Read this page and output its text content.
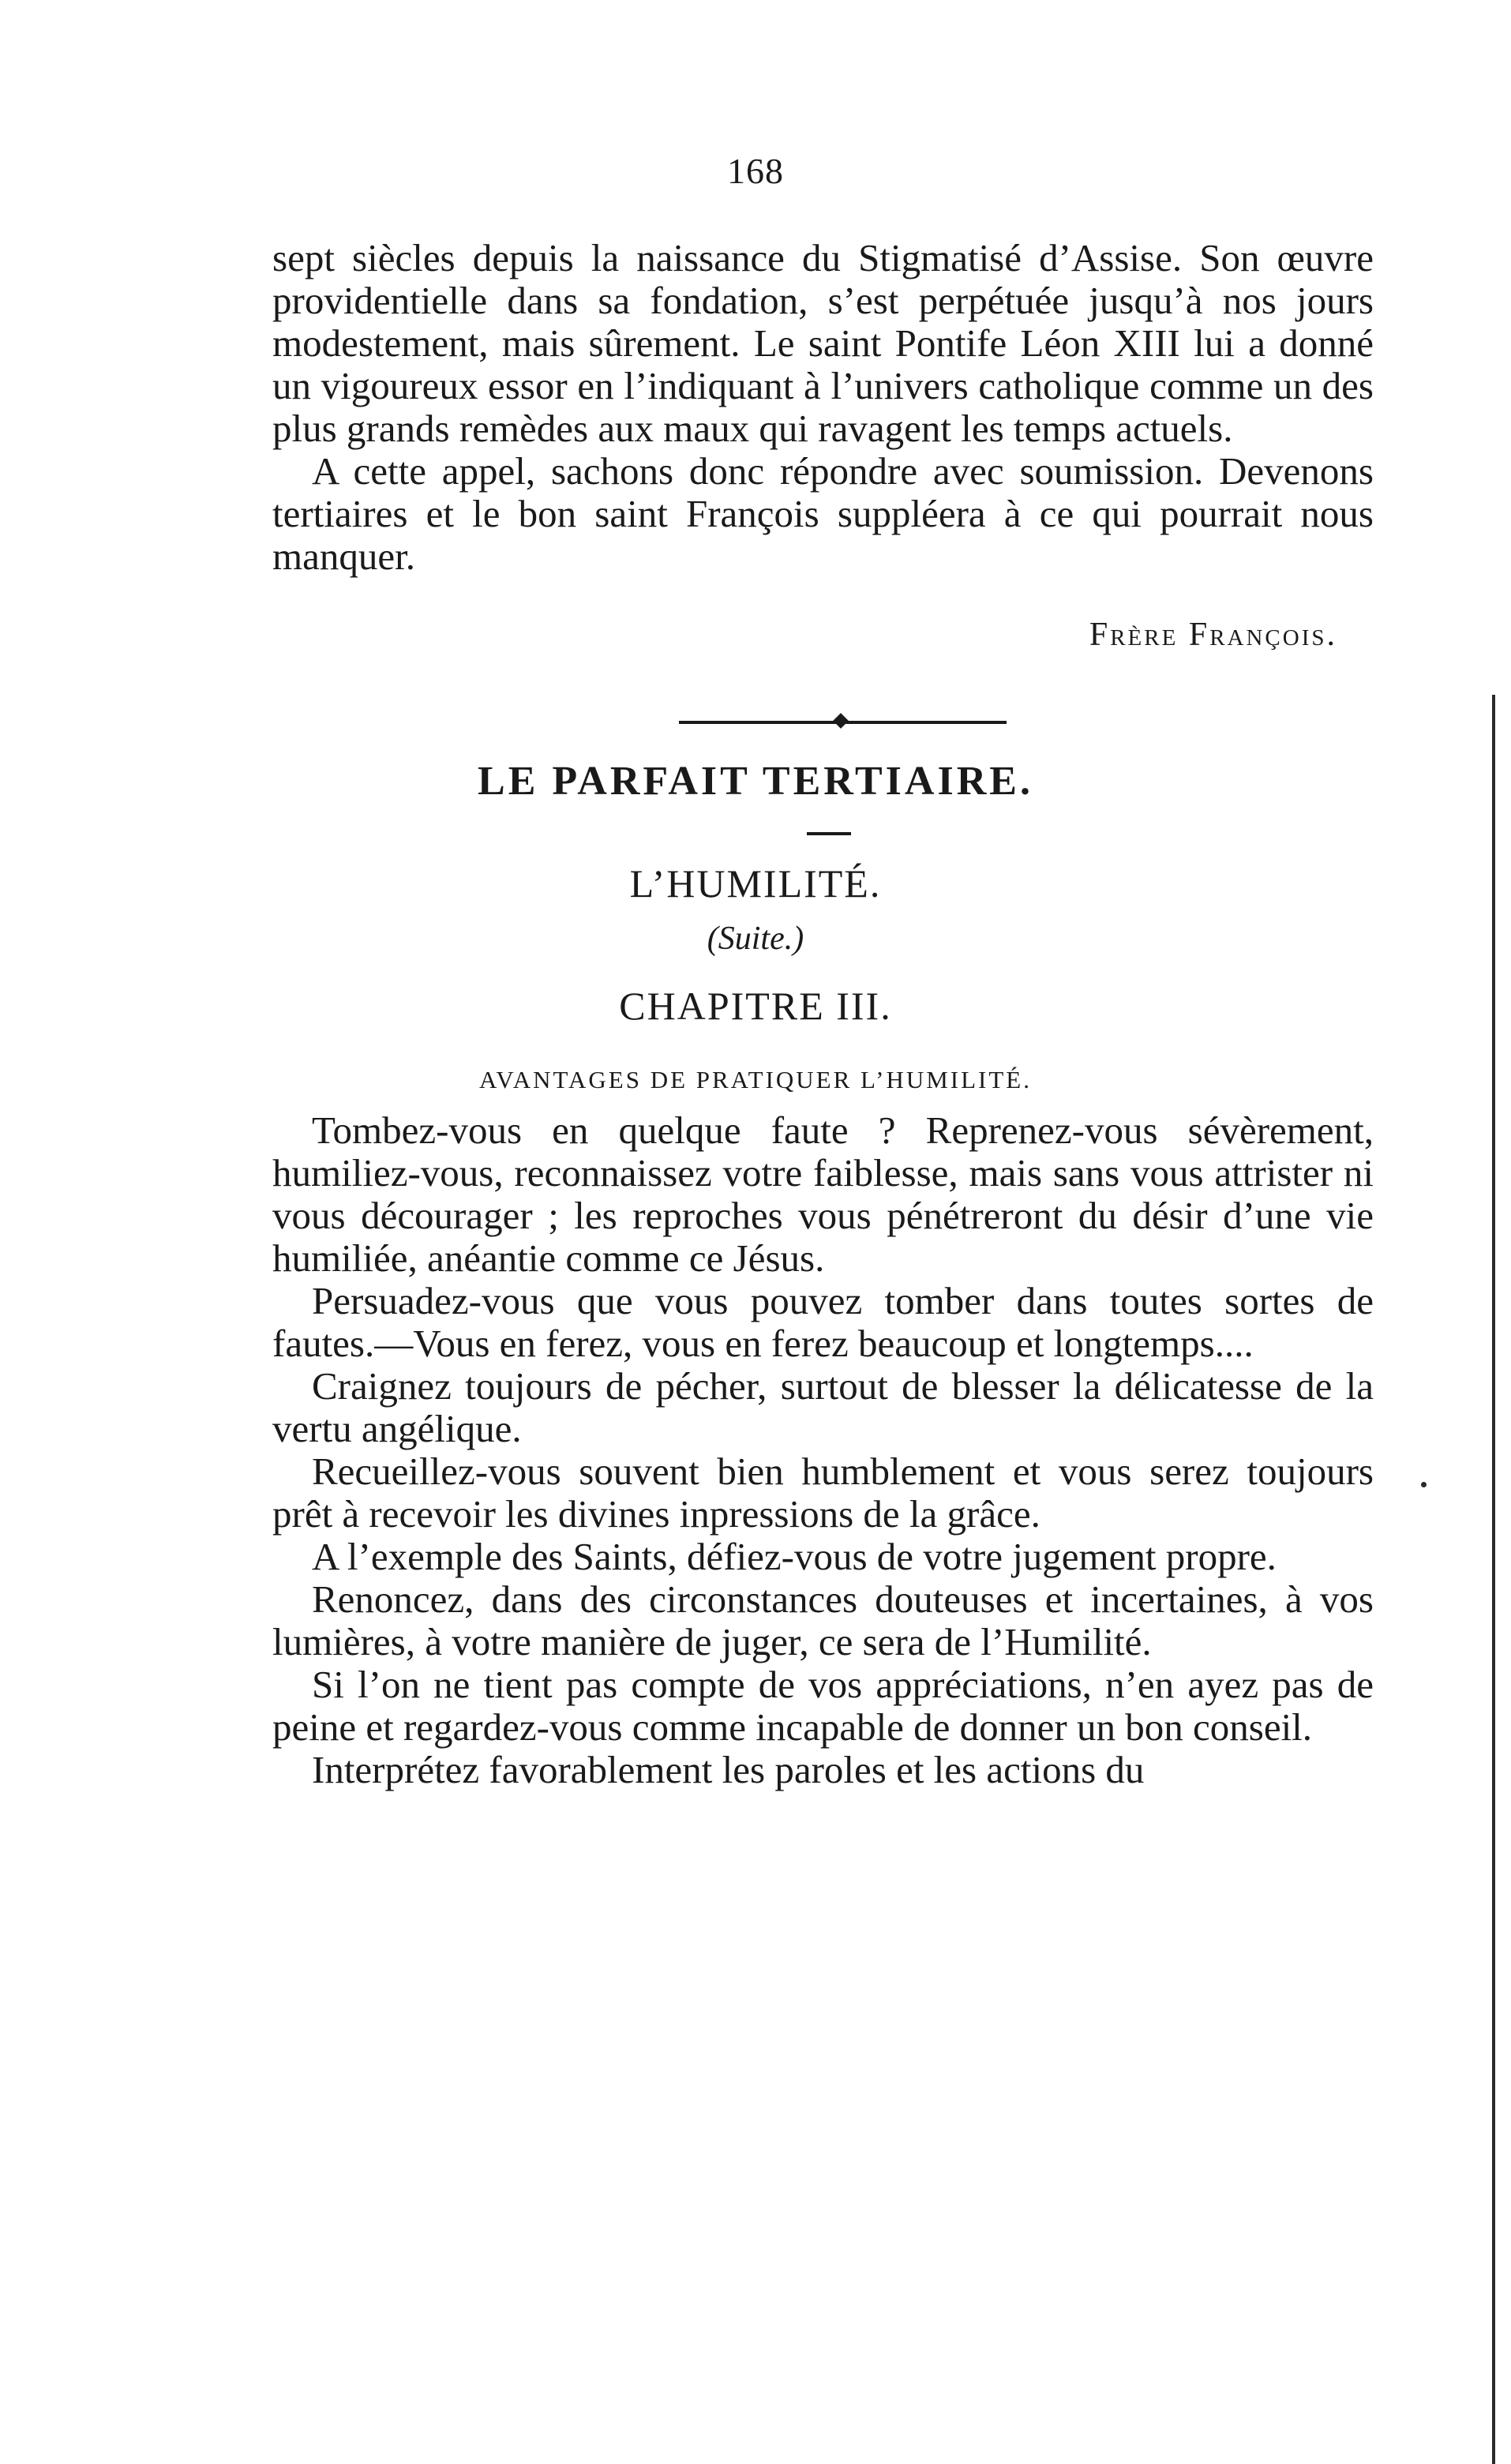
168

sept siècles depuis la naissance du Stigmatisé d’Assise. Son œuvre providentielle dans sa fondation, s’est perpétuée jusqu’à nos jours modestement, mais sûrement. Le saint Pontife Léon XIII lui a donné un vigoureux essor en l’indiquant à l’univers catholique comme un des plus grands remèdes aux maux qui ravagent les temps actuels.

A cette appel, sachons donc répondre avec soumission. Devenons tertiaires et le bon saint François suppléera à ce qui pourrait nous manquer.

Frère François.
LE PARFAIT TERTIAIRE.
L’HUMILITÉ.
(Suite.)
CHAPITRE III.
AVANTAGES DE PRATIQUER L’HUMILITÉ.

Tombez-vous en quelque faute ? Reprenez-vous sévèrement, humiliez-vous, reconnaissez votre faiblesse, mais sans vous attrister ni vous décourager ; les reproches vous pénétreront du désir d’une vie humiliée, anéantie comme ce Jésus.

Persuadez-vous que vous pouvez tomber dans toutes sortes de fautes.—Vous en ferez, vous en ferez beaucoup et longtemps....

Craignez toujours de pécher, surtout de blesser la délicatesse de la vertu angélique.

Recueillez-vous souvent bien humblement et vous serez toujours prêt à recevoir les divines inpressions de la grâce.

A l’exemple des Saints, défiez-vous de votre jugement propre.

Renoncez, dans des circonstances douteuses et incertaines, à vos lumières, à votre manière de juger, ce sera de l’Humilité.

Si l’on ne tient pas compte de vos appréciations, n’en ayez pas de peine et regardez-vous comme incapable de donner un bon conseil.

Interprétez favorablement les paroles et les actions du
